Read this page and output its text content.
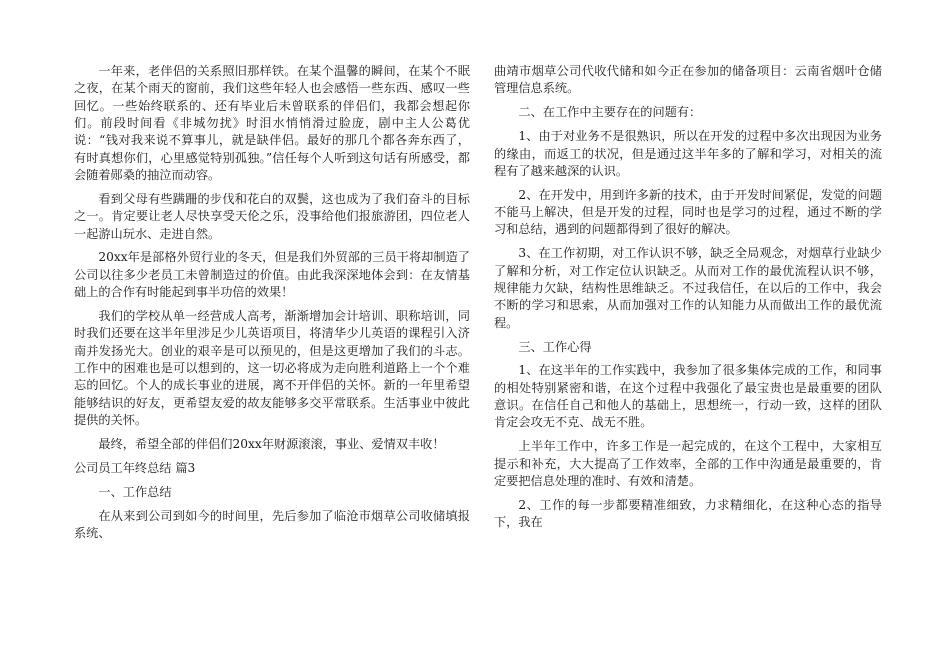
一年来，老伴侣的关系照旧那样铁。在某个温馨的瞬间，在某个不眠之夜，在某个雨天的窗前，我们这些年轻人也会感悟一些东西、感叹一些回忆。一些始终联系的、还有毕业后未曾联系的伴侣们，我都会想起你们。前段时间看《非城勿扰》时泪水悄悄滑过脸庞，剧中主人公葛优说：“钱对我来说不算事儿，就是缺伴侣。最好的那几个都各奔东西了，有时真想你们，心里感觉特别孤独。”信任每个人听到这句话有所感受，都会随着郧桑的抽泣而动容。

看到父母有些蹒跚的步伐和花白的双鬓，这也成为了我们奋斗的目标之一。肯定要让老人尽快享受天伦之乐，没事给他们报旅游团，四位老人一起游山玩水、走进自然。

20xx年是部格外贸行业的冬天，但是我们外贸部的三员干将却制造了公司以往多少老员工未曾制造过的价值。由此我深深地体会到：在友情基础上的合作有时能起到事半功倍的效果！

我们的学校从单一经营成人高考，渐渐增加会计培训、职称培训，同时我们还要在这半年里涉足少儿英语项目，将清华少儿英语的课程引入济南并发扬光大。创业的艰辛是可以预见的，但是这更增加了我们的斗志。工作中的困难也是可以想到的，这一切必将成为走向胜利道路上一个个难忘的回忆。个人的成长事业的进展，离不开伴侣的关怀。新的一年里希望能够结识的好友，更希望友爱的故友能够多交平常联系。生活事业中彼此提供的关怀。

最终，希望全部的伴侣们20xx年财源滚滚，事业、爱情双丰收！

公司员工年终总结 篇3

一、工作总结

在从来到公司到如今的时间里，先后参加了临沧市烟草公司收储填报系统、

曲靖市烟草公司代收代储和如今正在参加的储备项目：云南省烟叶仓储管理信息系统。

二、在工作中主要存在的问题有：

1、由于对业务不是很熟识，所以在开发的过程中多次出现因为业务的缘由，而返工的状况，但是通过这半年多的了解和学习，对相关的流程有了越来越深的认识。

2、在开发中，用到许多新的技术，由于开发时间紧促，发觉的问题不能马上解决，但是开发的过程，同时也是学习的过程，通过不断的学习和总结，遇到的问题都得到了很好的解决。

3、在工作初期，对工作认识不够，缺乏全局观念，对烟草行业缺少了解和分析，对工作定位认识缺乏。从而对工作的最优流程认识不够，规律能力欠缺，结构性思维缺乏。不过我信任，在以后的工作中，我会不断的学习和思索，从而加强对工作的认知能力从而做出工作的最优流程。

三、工作心得

1、在这半年的工作实践中，我参加了很多集体完成的工作，和同事的相处特别紧密和谐，在这个过程中我强化了最宝贵也是最重要的团队意识。在信任自己和他人的基础上，思想统一，行动一致，这样的团队肯定会攻无不克、战无不胜。

上半年工作中，许多工作是一起完成的，在这个工程中，大家相互提示和补充，大大提高了工作效率，全部的工作中沟通是最重要的，肯定要把信息处理的准时、有效和清楚。

2、工作的每一步都要精准细致，力求精细化，在这种心态的指导下，我在
